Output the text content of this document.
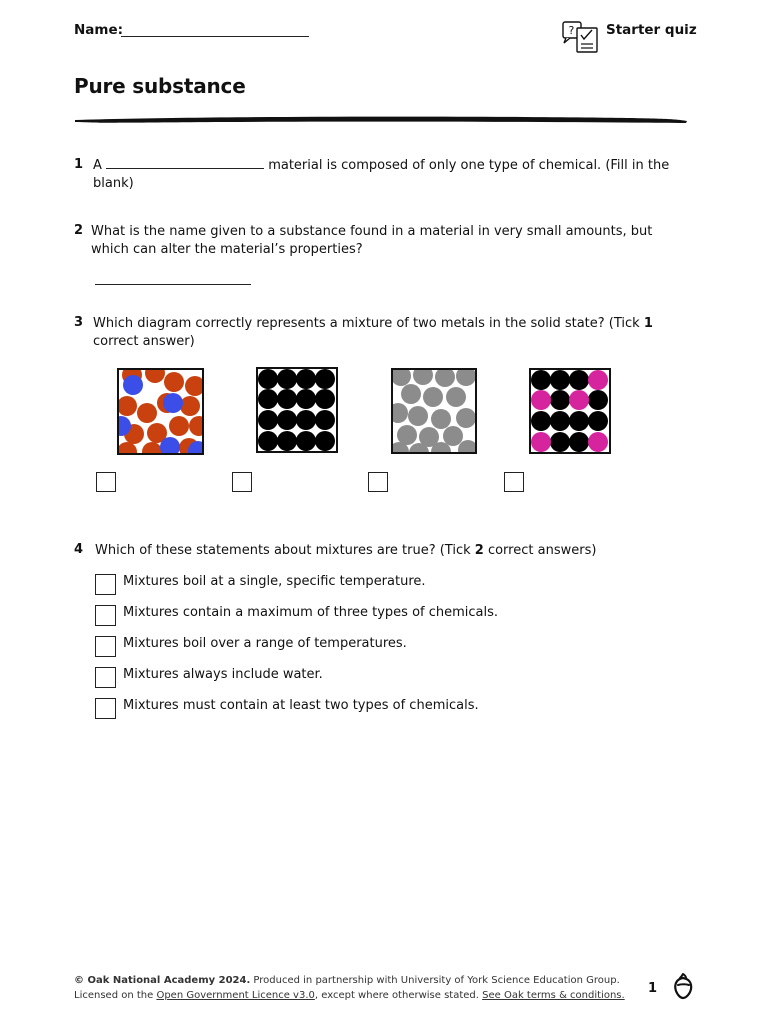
Name:	? Starter quiz
Pure substance
1 A	material is composed of only one type of chemical. (Fill in the
blank)
2 What is the name given to a substance found in a material in very small amounts, but
which can alter the material’s properties?
3 Which diagram correctly represents a mixture of two metals in the solid state? (Tick 1
correct answer)
4 Which of these statements about mixtures are true? (Tick 2 correct answers)
Mixtures boil at a single, specific temperature.
Mixtures contain a maximum of three types of chemicals.
Mixtures boil over a range of temperatures.
Mixtures always include water.
Mixtures must contain at least two types of chemicals.
© Oak National Academy 2024. Produced in partnership with University of York Science Education Group.
Licensed on the Open Government Licence v3.0, except where otherwise stated. See Oak terms & conditions. 1
